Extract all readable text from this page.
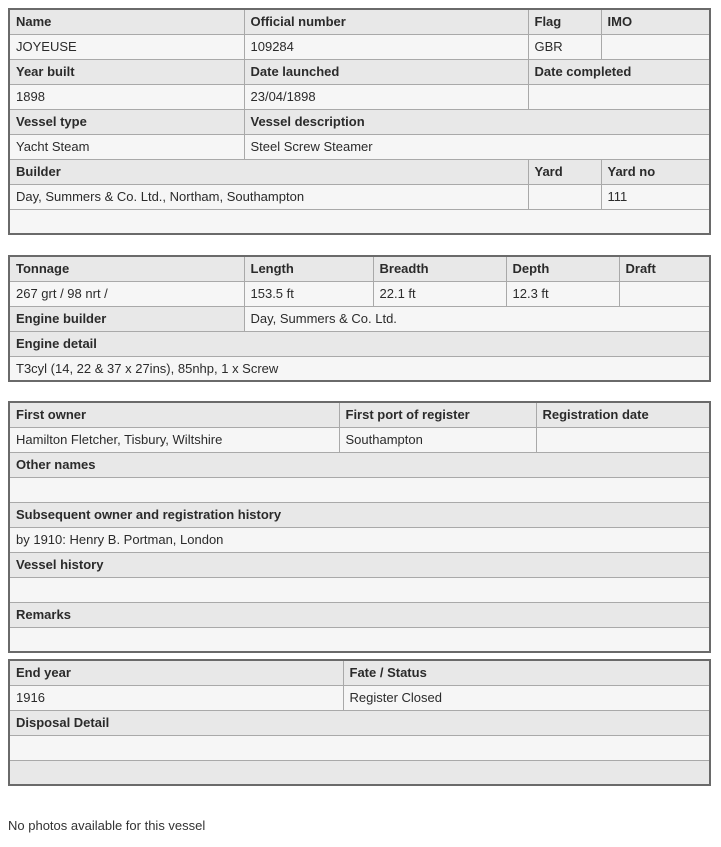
Name	Official number	Flag	IMO
JOYEUSE	109284	GBR	
Year built	Date launched	Date completed	
1898	23/04/1898		
Vessel type	Vessel description		
Yacht Steam	Steel Screw Steamer		
Builder		Yard	Yard no
Day, Summers & Co. Ltd., Northam, Southampton			111

Tonnage	Length	Breadth	Depth	Draft
267 grt / 98 nrt /	153.5 ft	22.1 ft	12.3 ft	
Engine builder	Day, Summers & Co. Ltd.			
Engine detail				
T3cyl (14, 22 & 37 x 27ins), 85nhp, 1 x Screw				
First owner	First port of register	Registration date
Hamilton Fletcher, Tisbury, Wiltshire	Southampton	
Other names		

Subsequent owner and registration history		
by 1910: Henry B. Portman, London		
Vessel history		

Remarks		

End year	Fate / Status
1916	Register Closed
Disposal Detail	

No photos available for this vessel
